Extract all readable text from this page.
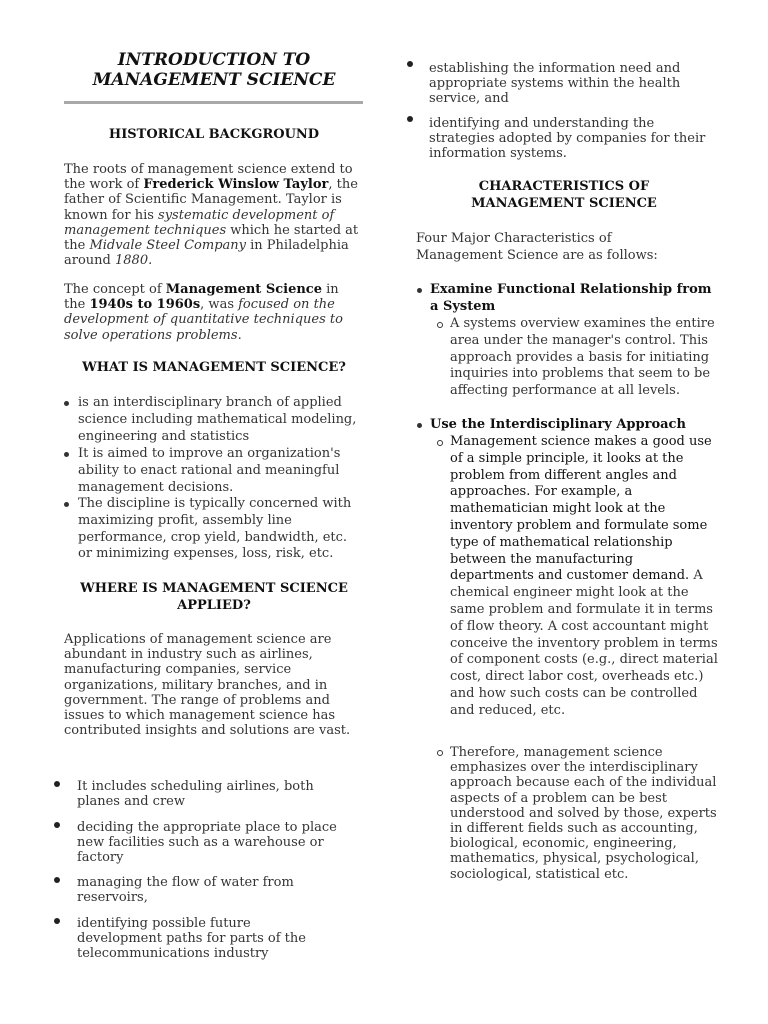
INTRODUCTION TO
MANAGEMENT SCIENCE
HISTORICAL BACKGROUND

The roots of management science extend to the work of Frederick Winslow Taylor, the father of Scientific Management. Taylor is known for his systematic development of management techniques which he started at the Midvale Steel Company in Philadelphia around 1880.

The concept of Management Science in the 1940s to 1960s, was focused on the development of quantitative techniques to solve operations problems.

WHAT IS MANAGEMENT SCIENCE?
is an interdisciplinary branch of applied science including mathematical modeling, engineering and statistics
It is aimed to improve an organization's ability to enact rational and meaningful management decisions.
The discipline is typically concerned with maximizing profit, assembly line performance, crop yield, bandwidth, etc. or minimizing expenses, loss, risk, etc.
WHERE IS MANAGEMENT SCIENCE
APPLIED?

Applications of management science are abundant in industry such as airlines, manufacturing companies, service organizations, military branches, and in government. The range of problems and issues to which management science has contributed insights and solutions are vast.

It includes scheduling airlines, both planes and crew
deciding the appropriate place to place new facilities such as a warehouse or factory
managing the flow of water from reservoirs,
identifying possible future development paths for parts of the telecommunications industry
establishing the information need and appropriate systems within the health service, and
identifying and understanding the strategies adopted by companies for their information systems.
CHARACTERISTICS OF
MANAGEMENT SCIENCE

Four Major Characteristics of Management Science are as follows:

Examine Functional Relationship from a System
A systems overview examines the entire area under the manager's control. This approach provides a basis for initiating inquiries into problems that seem to be affecting performance at all levels.
Use the Interdisciplinary Approach
Management science makes a good use of a simple principle, it looks at the problem from different angles and approaches. For example, a mathematician might look at the inventory problem and formulate some type of mathematical relationship between the manufacturing departments and customer demand. A chemical engineer might look at the same problem and formulate it in terms of flow theory. A cost accountant might conceive the inventory problem in terms of component costs (e.g., direct material cost, direct labor cost, overheads etc.) and how such costs can be controlled and reduced, etc.
Therefore, management science emphasizes over the interdisciplinary approach because each of the individual aspects of a problem can be best understood and solved by those, experts in different fields such as accounting, biological, economic, engineering, mathematics, physical, psychological, sociological, statistical etc.
